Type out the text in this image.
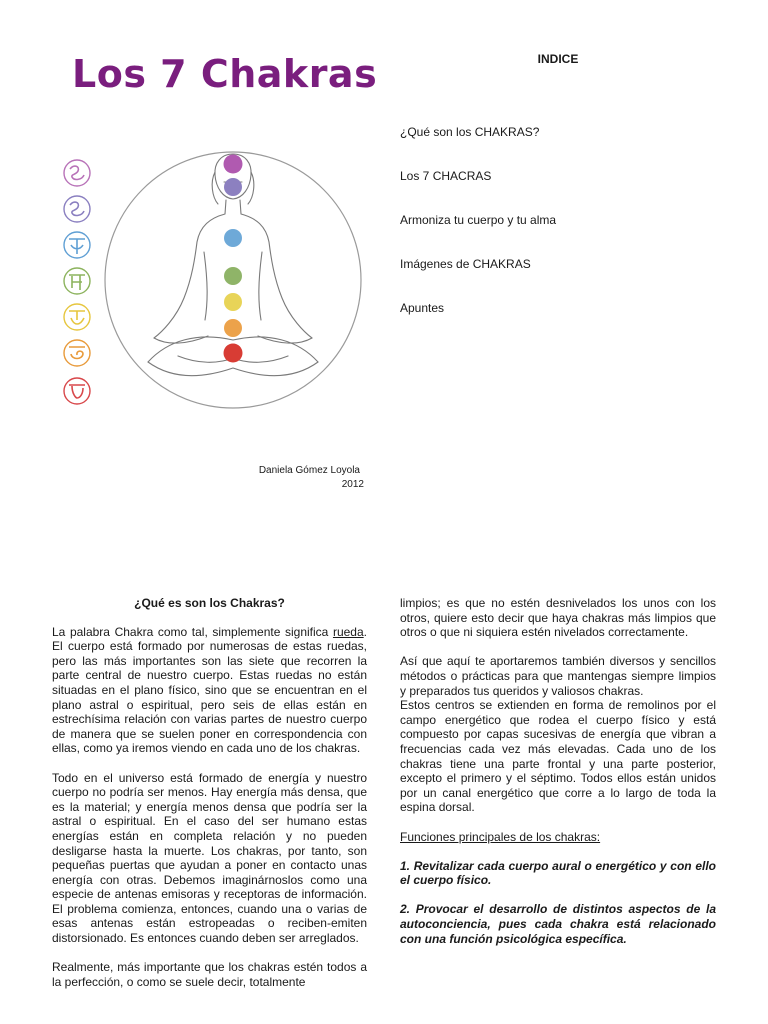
Los 7 Chakras	INDICE
¿Qué son los CHAKRAS?
Los 7 CHACRAS
Armoniza tu cuerpo y tu alma
Imágenes de CHAKRAS
Apuntes
Daniela Gómez Loyola
2012

¿Qué es son los Chakras?

La palabra Chakra como tal, simplemente significa rueda. El cuerpo está formado por numerosas de estas ruedas, pero las más importantes son las siete que recorren la parte central de nuestro cuerpo. Estas ruedas no están situadas en el plano físico, sino que se encuentran en el plano astral o espiritual, pero seis de ellas están en estrechísima relación con varias partes de nuestro cuerpo de manera que se suelen poner en correspondencia con ellas, como ya iremos viendo en cada uno de los chakras.

Todo en el universo está formado de energía y nuestro cuerpo no podría ser menos. Hay energía más densa, que es la material; y energía menos densa que podría ser la astral o espiritual. En el caso del ser humano estas energías están en completa relación y no pueden desligarse hasta la muerte. Los chakras, por tanto, son pequeñas puertas que ayudan a poner en contacto unas energía con otras. Debemos imaginárnoslos como una especie de antenas emisoras y receptoras de información. El problema comienza, entonces, cuando una o varias de esas antenas están estropeadas o reciben-emiten distorsionado. Es entonces cuando deben ser arreglados.

Realmente, más importante que los chakras estén todos a la perfección, o como se suele decir, totalmente

limpios; es que no estén desnivelados los unos con los otros, quiere esto decir que haya chakras más limpios que otros o que ni siquiera estén nivelados correctamente.

Así que aquí te aportaremos también diversos y sencillos métodos o prácticas para que mantengas siempre limpios y preparados tus queridos y valiosos chakras.

Estos centros se extienden en forma de remolinos por el campo energético que rodea el cuerpo físico y está compuesto por capas sucesivas de energía que vibran a frecuencias cada vez más elevadas. Cada uno de los chakras tiene una parte frontal y una parte posterior, excepto el primero y el séptimo. Todos ellos están unidos por un canal energético que corre a lo largo de toda la espina dorsal.

Funciones principales de los chakras:

1. Revitalizar cada cuerpo aural o energético y con ello el cuerpo físico.

2. Provocar el desarrollo de distintos aspectos de la autoconciencia, pues cada chakra está relacionado con una función psicológica específica.
